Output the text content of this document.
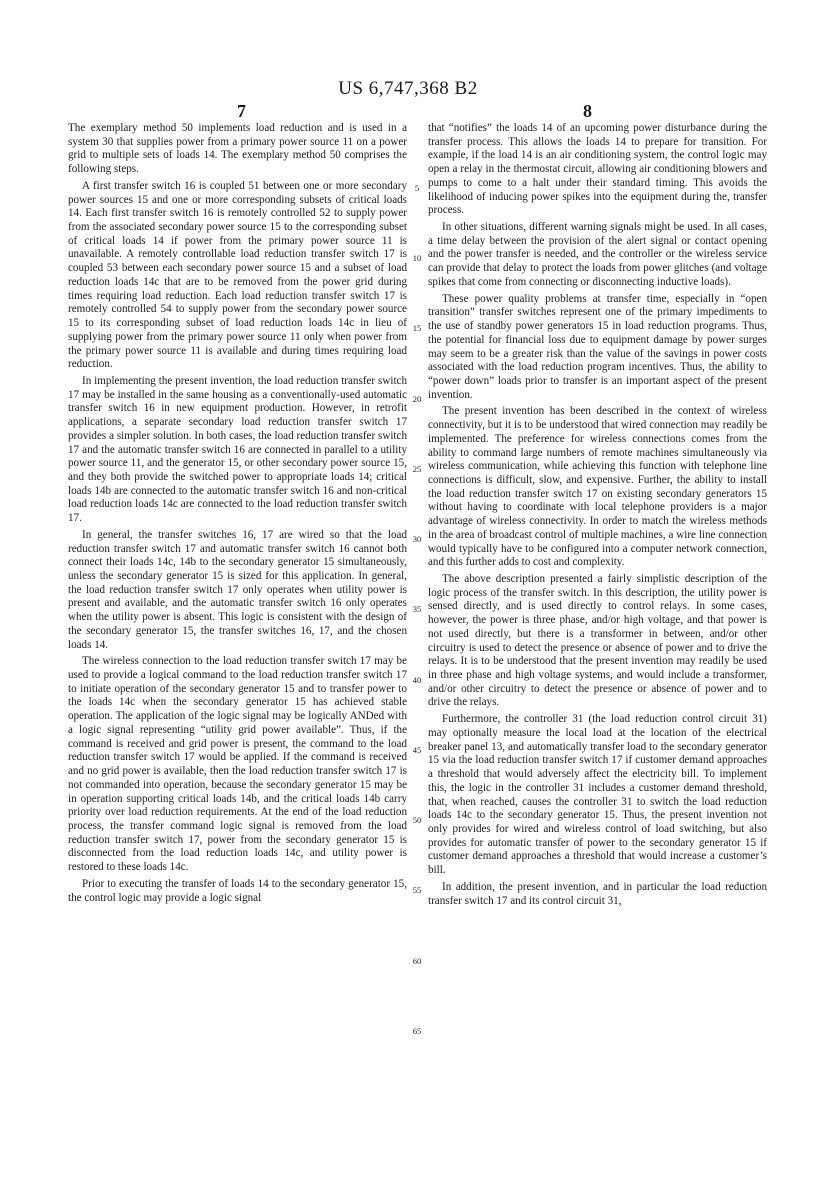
US 6,747,368 B2
7	8

The exemplary method 50 implements load reduction and is used in a system 30 that supplies power from a primary power source 11 on a power grid to multiple sets of loads 14. The exemplary method 50 comprises the following steps.

A first transfer switch 16 is coupled 51 between one or more secondary power sources 15 and one or more corresponding subsets of critical loads 14. Each first transfer switch 16 is remotely controlled 52 to supply power from the associated secondary power source 15 to the corresponding subset of critical loads 14 if power from the primary power source 11 is unavailable. A remotely controllable load reduction transfer switch 17 is coupled 53 between each secondary power source 15 and a subset of load reduction loads 14c that are to be removed from the power grid during times requiring load reduction. Each load reduction transfer switch 17 is remotely controlled 54 to supply power from the secondary power source 15 to its corresponding subset of load reduction loads 14c in lieu of supplying power from the primary power source 11 only when power from the primary power source 11 is available and during times requiring load reduction.

In implementing the present invention, the load reduction transfer switch 17 may be installed in the same housing as a conventionally-used automatic transfer switch 16 in new equipment production. However, in retrofit applications, a separate secondary load reduction transfer switch 17 provides a simpler solution. In both cases, the load reduction transfer switch 17 and the automatic transfer switch 16 are connected in parallel to a utility power source 11, and the generator 15, or other secondary power source 15, and they both provide the switched power to appropriate loads 14; critical loads 14b are connected to the automatic transfer switch 16 and non-critical load reduction loads 14c are connected to the load reduction transfer switch 17.

In general, the transfer switches 16, 17 are wired so that the load reduction transfer switch 17 and automatic transfer switch 16 cannot both connect their loads 14c, 14b to the secondary generator 15 simultaneously, unless the secondary generator 15 is sized for this application. In general, the load reduction transfer switch 17 only operates when utility power is present and available, and the automatic transfer switch 16 only operates when the utility power is absent. This logic is consistent with the design of the secondary generator 15, the transfer switches 16, 17, and the chosen loads 14.

The wireless connection to the load reduction transfer switch 17 may be used to provide a logical command to the load reduction transfer switch 17 to initiate operation of the secondary generator 15 and to transfer power to the loads 14c when the secondary generator 15 has achieved stable operation. The application of the logic signal may be logically ANDed with a logic signal representing “utility grid power available”. Thus, if the command is received and grid power is present, the command to the load reduction transfer switch 17 would be applied. If the command is received and no grid power is available, then the load reduction transfer switch 17 is not commanded into operation, because the secondary generator 15 may be in operation supporting critical loads 14b, and the critical loads 14b carry priority over load reduction requirements. At the end of the load reduction process, the transfer command logic signal is removed from the load reduction transfer switch 17, power from the secondary generator 15 is disconnected from the load reduction loads 14c, and utility power is restored to these loads 14c.

Prior to executing the transfer of loads 14 to the secondary generator 15, the control logic may provide a logic signal

5
10
15
20
25
30
35
40
45
50
55
60
65

that “notifies” the loads 14 of an upcoming power disturbance during the transfer process. This allows the loads 14 to prepare for transition. For example, if the load 14 is an air conditioning system, the control logic may open a relay in the thermostat circuit, allowing air conditioning blowers and pumps to come to a halt under their standard timing. This avoids the likelihood of inducing power spikes into the equipment during the, transfer process.

In other situations, different warning signals might be used. In all cases, a time delay between the provision of the alert signal or contact opening and the power transfer is needed, and the controller or the wireless service can provide that delay to protect the loads from power glitches (and voltage spikes that come from connecting or disconnecting inductive loads).

These power quality problems at transfer time, especially in “open transition” transfer switches represent one of the primary impediments to the use of standby power generators 15 in load reduction programs. Thus, the potential for financial loss due to equipment damage by power surges may seem to be a greater risk than the value of the savings in power costs associated with the load reduction program incentives. Thus, the ability to “power down” loads prior to transfer is an important aspect of the present invention.

The present invention has been described in the context of wireless connectivity, but it is to be understood that wired connection may readily be implemented. The preference for wireless connections comes from the ability to command large numbers of remote machines simultaneously via wireless communication, while achieving this function with telephone line connections is difficult, slow, and expensive. Further, the ability to install the load reduction transfer switch 17 on existing secondary generators 15 without having to coordinate with local telephone providers is a major advantage of wireless connectivity. In order to match the wireless methods in the area of broadcast control of multiple machines, a wire line connection would typically have to be configured into a computer network connection, and this further adds to cost and complexity.

The above description presented a fairly simplistic description of the logic process of the transfer switch. In this description, the utility power is sensed directly, and is used directly to control relays. In some cases, however, the power is three phase, and/or high voltage, and that power is not used directly, but there is a transformer in between, and/or other circuitry is used to detect the presence or absence of power and to drive the relays. It is to be understood that the present invention may readily be used in three phase and high voltage systems, and would include a transformer, and/or other circuitry to detect the presence or absence of power and to drive the relays.

Furthermore, the controller 31 (the load reduction control circuit 31) may optionally measure the local load at the location of the electrical breaker panel 13, and automatically transfer load to the secondary generator 15 via the load reduction transfer switch 17 if customer demand approaches a threshold that would adversely affect the electricity bill. To implement this, the logic in the controller 31 includes a customer demand threshold, that, when reached, causes the controller 31 to switch the load reduction loads 14c to the secondary generator 15. Thus, the present invention not only provides for wired and wireless control of load switching, but also provides for automatic transfer of power to the secondary generator 15 if customer demand approaches a threshold that would increase a customer’s bill.

In addition, the present invention, and in particular the load reduction transfer switch 17 and its control circuit 31,
